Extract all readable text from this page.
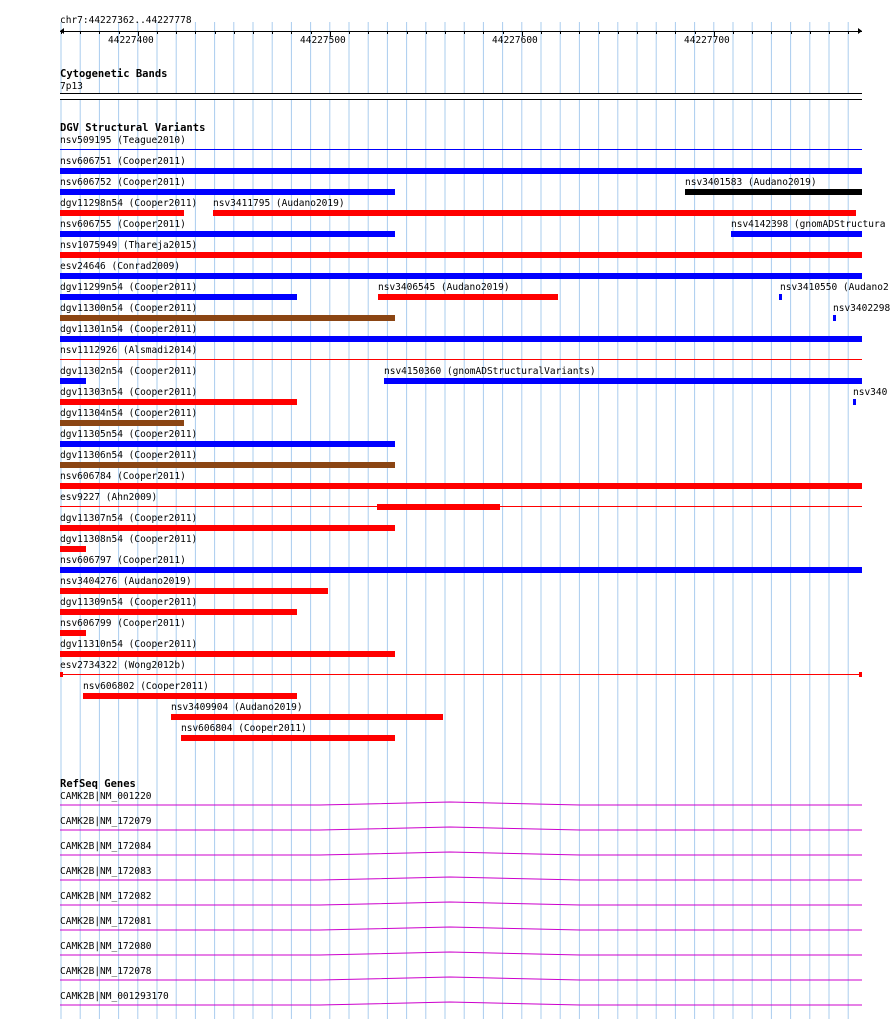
chr7:44227362..44227778
44227400	44227500	44227600	44227700
Cytogenetic Bands
7p13
DGV Structural Variants
nsv509195 (Teague2010)
nsv606751 (Cooper2011)
nsv606752 (Cooper2011)	nsv3401583 (Audano2019)
dgv11298n54 (Cooper2011) nsv3411795 (Audano2019)
nsv606755 (Cooper2011)	nsv4142398 (gnomADStructura
nsv1075949 (Thareja2015)
esv24646 (Conrad2009)
dgv11299n54 (Cooper2011)	nsv3406545 (Audano2019)	nsv3410550 (Audano2
dgv11300n54 (Cooper2011)	nsv3402298
dgv11301n54 (Cooper2011)
nsv1112926 (Alsmadi2014)
dgv11302n54 (Cooper2011)	nsv4150360 (gnomADStructuralVariants)
dgv11303n54 (Cooper2011)	nsv340
dgv11304n54 (Cooper2011)
dgv11305n54 (Cooper2011)
dgv11306n54 (Cooper2011)
nsv606784 (Cooper2011)
esv9227 (Ahn2009)
dgv11307n54 (Cooper2011)
dgv11308n54 (Cooper2011)
nsv606797 (Cooper2011)
nsv3404276 (Audano2019)
dgv11309n54 (Cooper2011)
nsv606799 (Cooper2011)
dgv11310n54 (Cooper2011)
esv2734322 (Wong2012b)
nsv606802 (Cooper2011)
nsv3409904 (Audano2019)
nsv606804 (Cooper2011)
RefSeq Genes
CAMK2B|NM_001220
CAMK2B|NM_172079
CAMK2B|NM_172084
CAMK2B|NM_172083
CAMK2B|NM_172082
CAMK2B|NM_172081
CAMK2B|NM_172080
CAMK2B|NM_172078
CAMK2B|NM_001293170
